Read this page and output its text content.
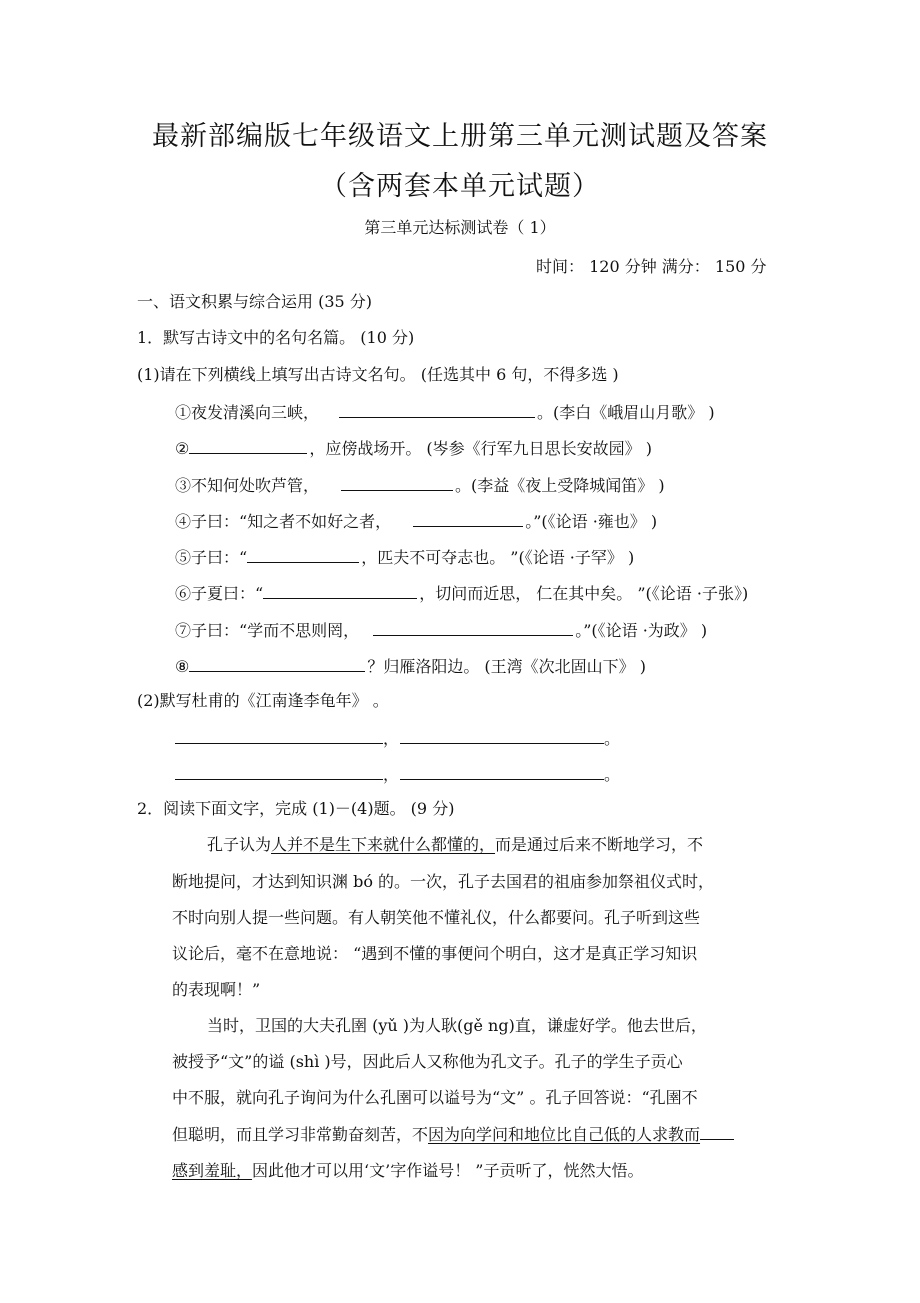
最新部编版七年级语文上册第三单元测试题及答案
（含两套本单元试题）
第三单元达标测试卷（ 1）
时间： 120 分钟 满分： 150 分
一、语文积累与综合运用 (35 分)
1．默写古诗文中的名句名篇。 (10 分)
(1)请在下列横线上填写出古诗文名句。 (任选其中 6 句，不得多选 )
①夜发清溪向三峡，	。(李白《峨眉山月歌》 )
②	，应傍战场开。 (岑参《行军九日思长安故园》 )
③不知何处吹芦管，	。(李益《夜上受降城闻笛》 )
④子曰：“知之者不如好之者，	。”(《论语 ·雍也》 )
⑤子曰：“	，匹夫不可夺志也。 ”(《论语 ·子罕》 )
⑥子夏曰：“	，切问而近思， 仁在其中矣。 ”(《论语 ·子张》)
⑦子曰：“学而不思则罔，	。”(《论语 ·为政》 )
⑧	？归雁洛阳边。 (王湾《次北固山下》 )
(2)默写杜甫的《江南逢李龟年》 。
，	。
，	。
2．阅读下面文字，完成 (1)－(4)题。 (9 分)
孔子认为人并不是生下来就什么都懂的，而是通过后来不断地学习，不
断地提问，才达到知识渊 bó 的。一次，孔子去国君的祖庙参加祭祖仪式时，
不时向别人提一些问题。有人朝笑他不懂礼仪，什么都要问。孔子听到这些
议论后，毫不在意地说： “遇到不懂的事便问个明白，这才是真正学习知识
的表现啊！”
当时，卫国的大夫孔圉 (yǔ )为人耿(gě ng)直，谦虚好学。他去世后，
被授予“文”的谥 (shì )号，因此后人又称他为孔文子。孔子的学生子贡心
中不服，就向孔子询问为什么孔圉可以谥号为“文” 。孔子回答说：“孔圉不
但聪明，而且学习非常勤奋刻苦，不因为向学问和地位比自己低的人求教而
感到羞耻，因此他才可以用‘文’字作谥号！ ”子贡听了，恍然大悟。
